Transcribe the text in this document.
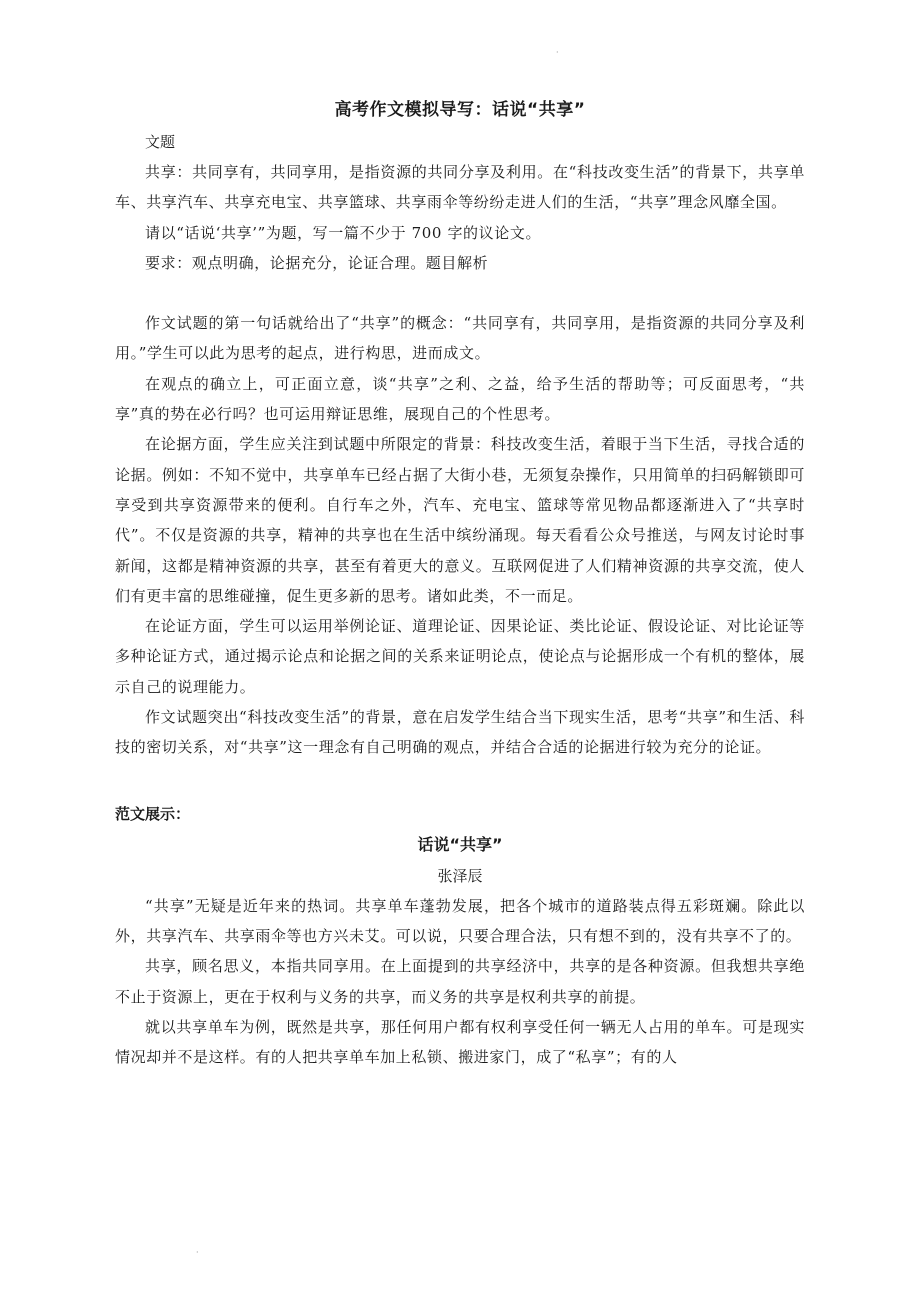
·
高考作文模拟导写：话说“共享”

文题

共享：共同享有，共同享用，是指资源的共同分享及利用。在“科技改变生活”的背景下，共享单车、共享汽车、共享充电宝、共享篮球、共享雨伞等纷纷走进人们的生活，“共享”理念风靡全国。

请以“话说‘共享’”为题，写一篇不少于 700 字的议论文。

要求：观点明确，论据充分，论证合理。题目解析

作文试题的第一句话就给出了“共享”的概念：“共同享有，共同享用，是指资源的共同分享及利用。”学生可以此为思考的起点，进行构思，进而成文。

在观点的确立上，可正面立意，谈“共享”之利、之益，给予生活的帮助等；可反面思考，“共享”真的势在必行吗？也可运用辩证思维，展现自己的个性思考。

在论据方面，学生应关注到试题中所限定的背景：科技改变生活，着眼于当下生活，寻找合适的论据。例如：不知不觉中，共享单车已经占据了大街小巷，无须复杂操作，只用简单的扫码解锁即可享受到共享资源带来的便利。自行车之外，汽车、充电宝、篮球等常见物品都逐渐进入了“共享时代”。不仅是资源的共享，精神的共享也在生活中缤纷涌现。每天看看公众号推送，与网友讨论时事新闻，这都是精神资源的共享，甚至有着更大的意义。互联网促进了人们精神资源的共享交流，使人们有更丰富的思维碰撞，促生更多新的思考。诸如此类，不一而足。

在论证方面，学生可以运用举例论证、道理论证、因果论证、类比论证、假设论证、对比论证等多种论证方式，通过揭示论点和论据之间的关系来证明论点，使论点与论据形成一个有机的整体，展示自己的说理能力。

作文试题突出“科技改变生活”的背景，意在启发学生结合当下现实生活，思考“共享”和生活、科技的密切关系，对“共享”这一理念有自己明确的观点，并结合合适的论据进行较为充分的论证。

范文展示：

话说“共享”

张泽辰

“共享”无疑是近年来的热词。共享单车蓬勃发展，把各个城市的道路装点得五彩斑斓。除此以外，共享汽车、共享雨伞等也方兴未艾。可以说，只要合理合法，只有想不到的，没有共享不了的。

共享，顾名思义，本指共同享用。在上面提到的共享经济中，共享的是各种资源。但我想共享绝不止于资源上，更在于权利与义务的共享，而义务的共享是权利共享的前提。

就以共享单车为例，既然是共享，那任何用户都有权利享受任何一辆无人占用的单车。可是现实情况却并不是这样。有的人把共享单车加上私锁、搬进家门，成了“私享”；有的人

·
